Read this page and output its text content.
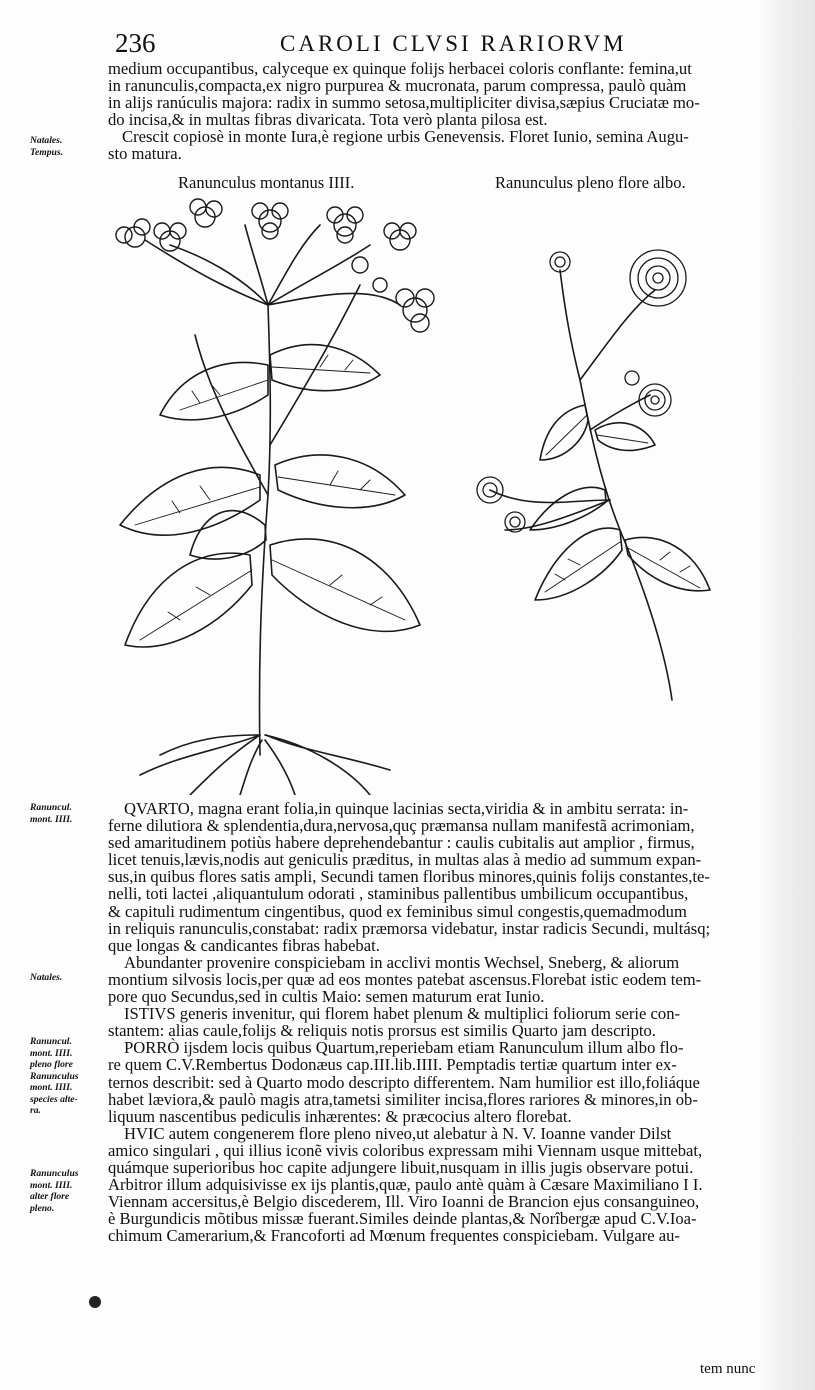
236	CAROLI CLVSI RARIORVM

medium occupantibus, calyceque ex quinque folijs herbacei coloris conflante: femina,ut

in ranunculis,compacta,ex nigro purpurea & mucronata, parum compressa, paulò quàm

in alijs ranúculis majora: radix in summo setosa,multipliciter divisa,sæpius Cruciatæ mo-

do incisa,& in multas fibras divaricata. Tota verò planta pilosa est.

Crescit copiosè in monte Iura,è regione urbis Genevensis. Floret Iunio, semina Augu-

sto matura.

Natales.
Tempus.
Ranunculus montanus IIII.	Ranunculus pleno flore albo.
Ranuncul.
mont. IIII.
Natales.
Ranuncul.
mont. IIII.
pleno flore
Ranunculus
mont. IIII.
species alte-
ra.
Ranunculus
mont. IIII.
alter flore
pleno.

QVARTO, magna erant folia,in quinque lacinias secta,viridia & in ambitu serrata: in-

ferne dilutiora & splendentia,dura,nervosa,quç præmansa nullam manifestã acrimoniam,

sed amaritudinem potiùs habere deprehendebantur : caulis cubitalis aut amplior , firmus,

licet tenuis,lævis,nodis aut geniculis præditus, in multas alas à medio ad summum expan-

sus,in quibus flores satis ampli, Secundi tamen floribus minores,quinis folijs constantes,te-

nelli, toti lactei ,aliquantulum odorati , staminibus pallentibus umbilicum occupantibus,

& capituli rudimentum cingentibus, quod ex feminibus simul congestis,quemadmodum

in reliquis ranunculis,constabat: radix præmorsa videbatur, instar radicis Secundi, multásq;

que longas & candicantes fibras habebat.

Abundanter provenire conspiciebam in acclivi montis Wechsel, Sneberg, & aliorum

montium silvosis locis,per quæ ad eos montes patebat ascensus.Florebat istic eodem tem-

pore quo Secundus,sed in cultis Maio: semen maturum erat Iunio.

ISTIVS generis invenitur, qui florem habet plenum & multiplici foliorum serie con-

stantem: alias caule,folijs & reliquis notis prorsus est similis Quarto jam descripto.

PORRÒ ijsdem locis quibus Quartum,reperiebam etiam Ranunculum illum albo flo-

re quem C.V.Rembertus Dodonæus cap.III.lib.IIII. Pemptadis tertiæ quartum inter ex-

ternos describit: sed à Quarto modo descripto differentem. Nam humilior est illo,foliáque

habet læviora,& paulò magis atra,tametsi similiter incisa,flores rariores & minores,in ob-

liquum nascentibus pediculis inhærentes: & præcocius altero florebat.

HVIC autem congenerem flore pleno niveo,ut alebatur à N. V. Ioanne vander Dilst

amico singulari , qui illius iconẽ vivis coloribus expressam mihi Viennam usque mittebat,

quámque superioribus hoc capite adjungere libuit,nusquam in illis jugis observare potui.

Arbitror illum adquisivisse ex ijs plantis,quæ, paulo antè quàm à Cæsare Maximiliano I I.

Viennam accersitus,è Belgio discederem, Ill. Viro Ioanni de Brancion ejus consanguineo,

è Burgundicis mõtibus missæ fuerant.Similes deinde plantas,& Norîbergæ apud C.V.Ioa-

chimum Camerarium,& Francoforti ad Mœnum frequentes conspiciebam. Vulgare au-

tem nunc
